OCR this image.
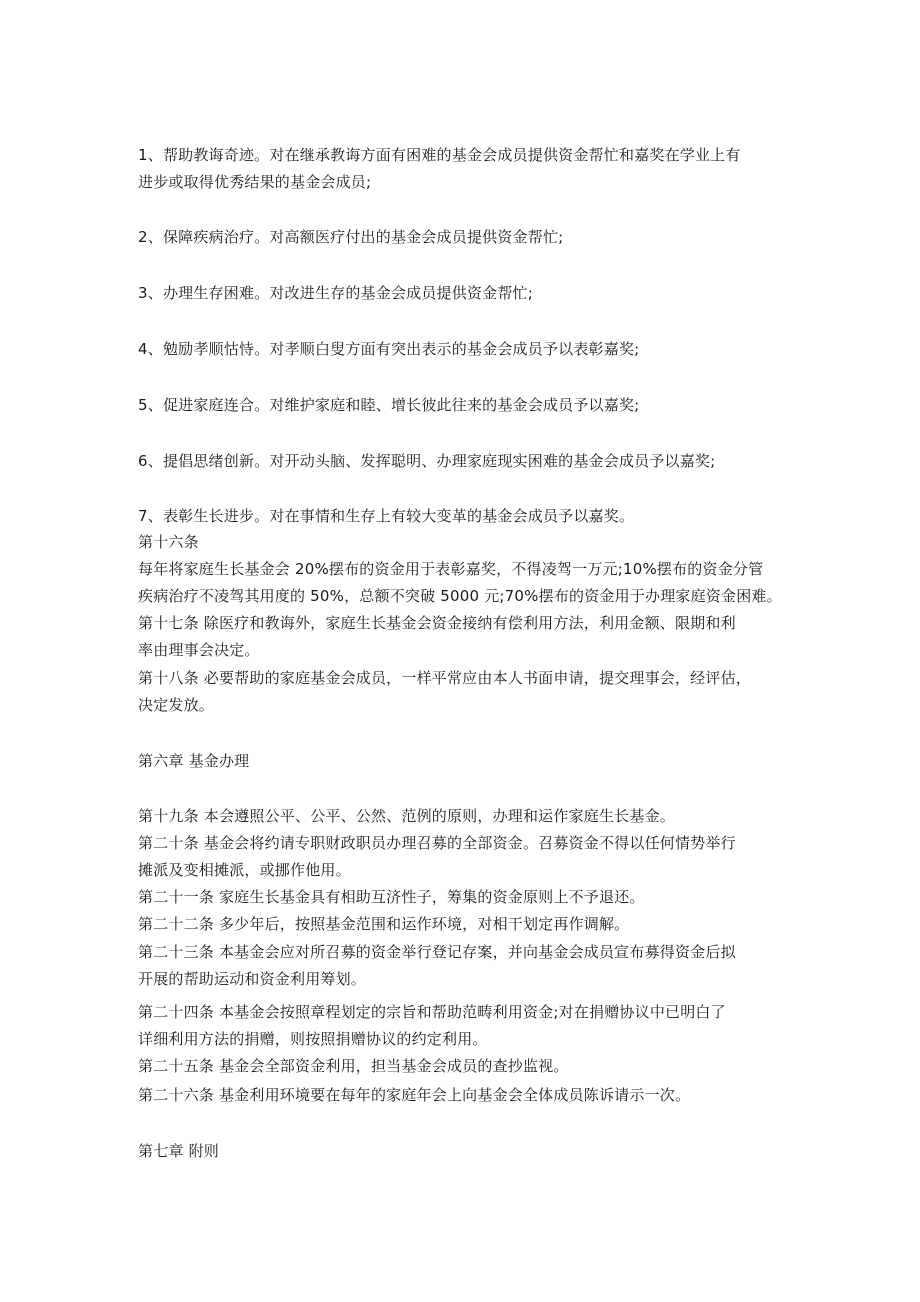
1、帮助教诲奇迹。对在继承教诲方面有困难的基金会成员提供资金帮忙和嘉奖在学业上有
进步或取得优秀结果的基金会成员;
2、保障疾病治疗。对高额医疗付出的基金会成员提供资金帮忙;
3、办理生存困难。对改进生存的基金会成员提供资金帮忙;
4、勉励孝顺怙恃。对孝顺白叟方面有突出表示的基金会成员予以表彰嘉奖;
5、促进家庭连合。对维护家庭和睦、增长彼此往来的基金会成员予以嘉奖;
6、提倡思绪创新。对开动头脑、发挥聪明、办理家庭现实困难的基金会成员予以嘉奖;
7、表彰生长进步。对在事情和生存上有较大变革的基金会成员予以嘉奖。
第十六条
每年将家庭生长基金会 20%摆布的资金用于表彰嘉奖，不得凌驾一万元;10%摆布的资金分管
疾病治疗不凌驾其用度的 50%，总额不突破 5000 元;70%摆布的资金用于办理家庭资金困难。
第十七条 除医疗和教诲外，家庭生长基金会资金接纳有偿利用方法，利用金额、限期和利
率由理事会决定。
第十八条 必要帮助的家庭基金会成员，一样平常应由本人书面申请，提交理事会，经评估，
决定发放。
第六章 基金办理
第十九条 本会遵照公平、公平、公然、范例的原则，办理和运作家庭生长基金。
第二十条 基金会将约请专职财政职员办理召募的全部资金。召募资金不得以任何情势举行
摊派及变相摊派，或挪作他用。
第二十一条 家庭生长基金具有相助互济性子，筹集的资金原则上不予退还。
第二十二条 多少年后，按照基金范围和运作环境，对相干划定再作调解。
第二十三条 本基金会应对所召募的资金举行登记存案，并向基金会成员宣布募得资金后拟
开展的帮助运动和资金利用筹划。
第二十四条 本基金会按照章程划定的宗旨和帮助范畴利用资金;对在捐赠协议中已明白了
详细利用方法的捐赠，则按照捐赠协议的约定利用。
第二十五条 基金会全部资金利用，担当基金会成员的查抄监视。
第二十六条 基金利用环境要在每年的家庭年会上向基金会全体成员陈诉请示一次。
第七章 附则
